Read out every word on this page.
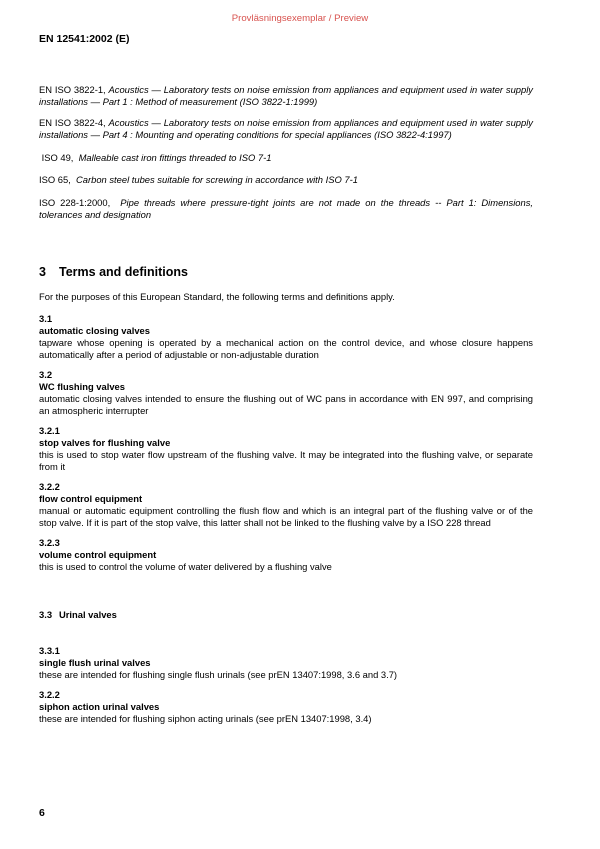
Provläsningsexemplar / Preview
EN 12541:2002 (E)
EN ISO 3822-1, Acoustics — Laboratory tests on noise emission from appliances and equipment used in water supply installations — Part 1 : Method of measurement (ISO 3822-1:1999)
EN ISO 3822-4, Acoustics — Laboratory tests on noise emission from appliances and equipment used in water supply installations — Part 4 : Mounting and operating conditions for special appliances (ISO 3822-4:1997)
ISO 49,  Malleable cast iron fittings threaded to ISO 7-1
ISO 65,  Carbon steel tubes suitable for screwing in accordance with ISO 7-1
ISO 228-1:2000,  Pipe threads where pressure-tight joints are not made on the threads -- Part 1: Dimensions, tolerances and designation
3 Terms and definitions
For the purposes of this European Standard, the following terms and definitions apply.
3.1
automatic closing valves
tapware whose opening is operated by a mechanical action on the control device, and whose closure happens automatically after a period of adjustable or non-adjustable duration
3.2
WC flushing valves
automatic closing valves intended to ensure the flushing out of WC pans in accordance with EN 997, and comprising an atmospheric interrupter
3.2.1
stop valves for flushing valve
this is used to stop water flow upstream of the flushing valve. It may be integrated into the flushing valve, or separate from it
3.2.2
flow control equipment
manual or automatic equipment controlling the flush flow and which is an integral part of the flushing valve or of the stop valve. If it is part of the stop valve, this latter shall not be linked to the flushing valve by a ISO 228 thread
3.2.3
volume control equipment
this is used to control the volume of water delivered by a flushing valve
3.3 Urinal valves
3.3.1
single flush urinal valves
these are intended for flushing single flush urinals (see prEN 13407:1998, 3.6 and 3.7)
3.2.2
siphon action urinal valves
these are intended for flushing siphon acting urinals (see prEN 13407:1998, 3.4)
6
